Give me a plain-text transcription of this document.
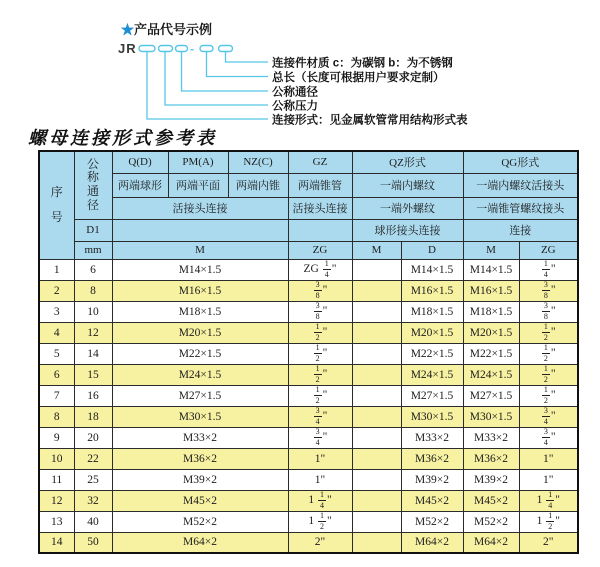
★产品代号示例
JR	-
连接件材质 c：为碳钢 b：为不锈钢
总长（长度可根据用户要求定制）
公称通径
公称压力
连接形式：见金属软管常用结构形式表
螺母连接形式参考表
序号	公称通径	Q(D)	PM(A)	NZ(C)	GZ	QZ形式		QG形式	
		两端球形	两端平面	两端内锥	两端锥管	一端内螺纹		一端内螺纹活接头	
		活接头连接			活接头连接	一端外螺纹		一端锥管螺纹接头	
	D1					球形接头连接		连接	
	mm	M			ZG	M	D	M	ZG
1	6	M14×1.5			ZG $\frac{1}{4}$ "		M14×1.5	M14×1.5	$\frac{1}{4}$ "
2	8	M16×1.5			$\frac{3}{8}$ "		M16×1.5	M16×1.5	$\frac{3}{8}$ "
3	10	M18×1.5			$\frac{3}{8}$ "		M18×1.5	M18×1.5	$\frac{3}{8}$ "
4	12	M20×1.5			$\frac{1}{2}$ "		M20×1.5	M20×1.5	$\frac{1}{2}$ "
5	14	M22×1.5			$\frac{1}{2}$ "		M22×1.5	M22×1.5	$\frac{1}{2}$ "
6	15	M24×1.5			$\frac{1}{2}$ "		M24×1.5	M24×1.5	$\frac{1}{2}$ "
7	16	M27×1.5			$\frac{1}{2}$ "		M27×1.5	M27×1.5	$\frac{1}{2}$ "
8	18	M30×1.5			$\frac{3}{4}$ "		M30×1.5	M30×1.5	$\frac{3}{4}$ "
9	20	M33×2			$\frac{3}{4}$ "		M33×2	M33×2	$\frac{3}{4}$ "
10	22	M36×2			1"		M36×2	M36×2	1"
11	25	M39×2			1"		M39×2	M39×2	1"
12	32	M45×2			$1 \frac{1}{4}$ "		M45×2	M45×2	$1 \frac{1}{4}$ "
13	40	M52×2			$1 \frac{1}{2}$ "		M52×2	M52×2	$1 \frac{1}{2}$ "
14	50	M64×2			2"		M64×2	M64×2	2"
